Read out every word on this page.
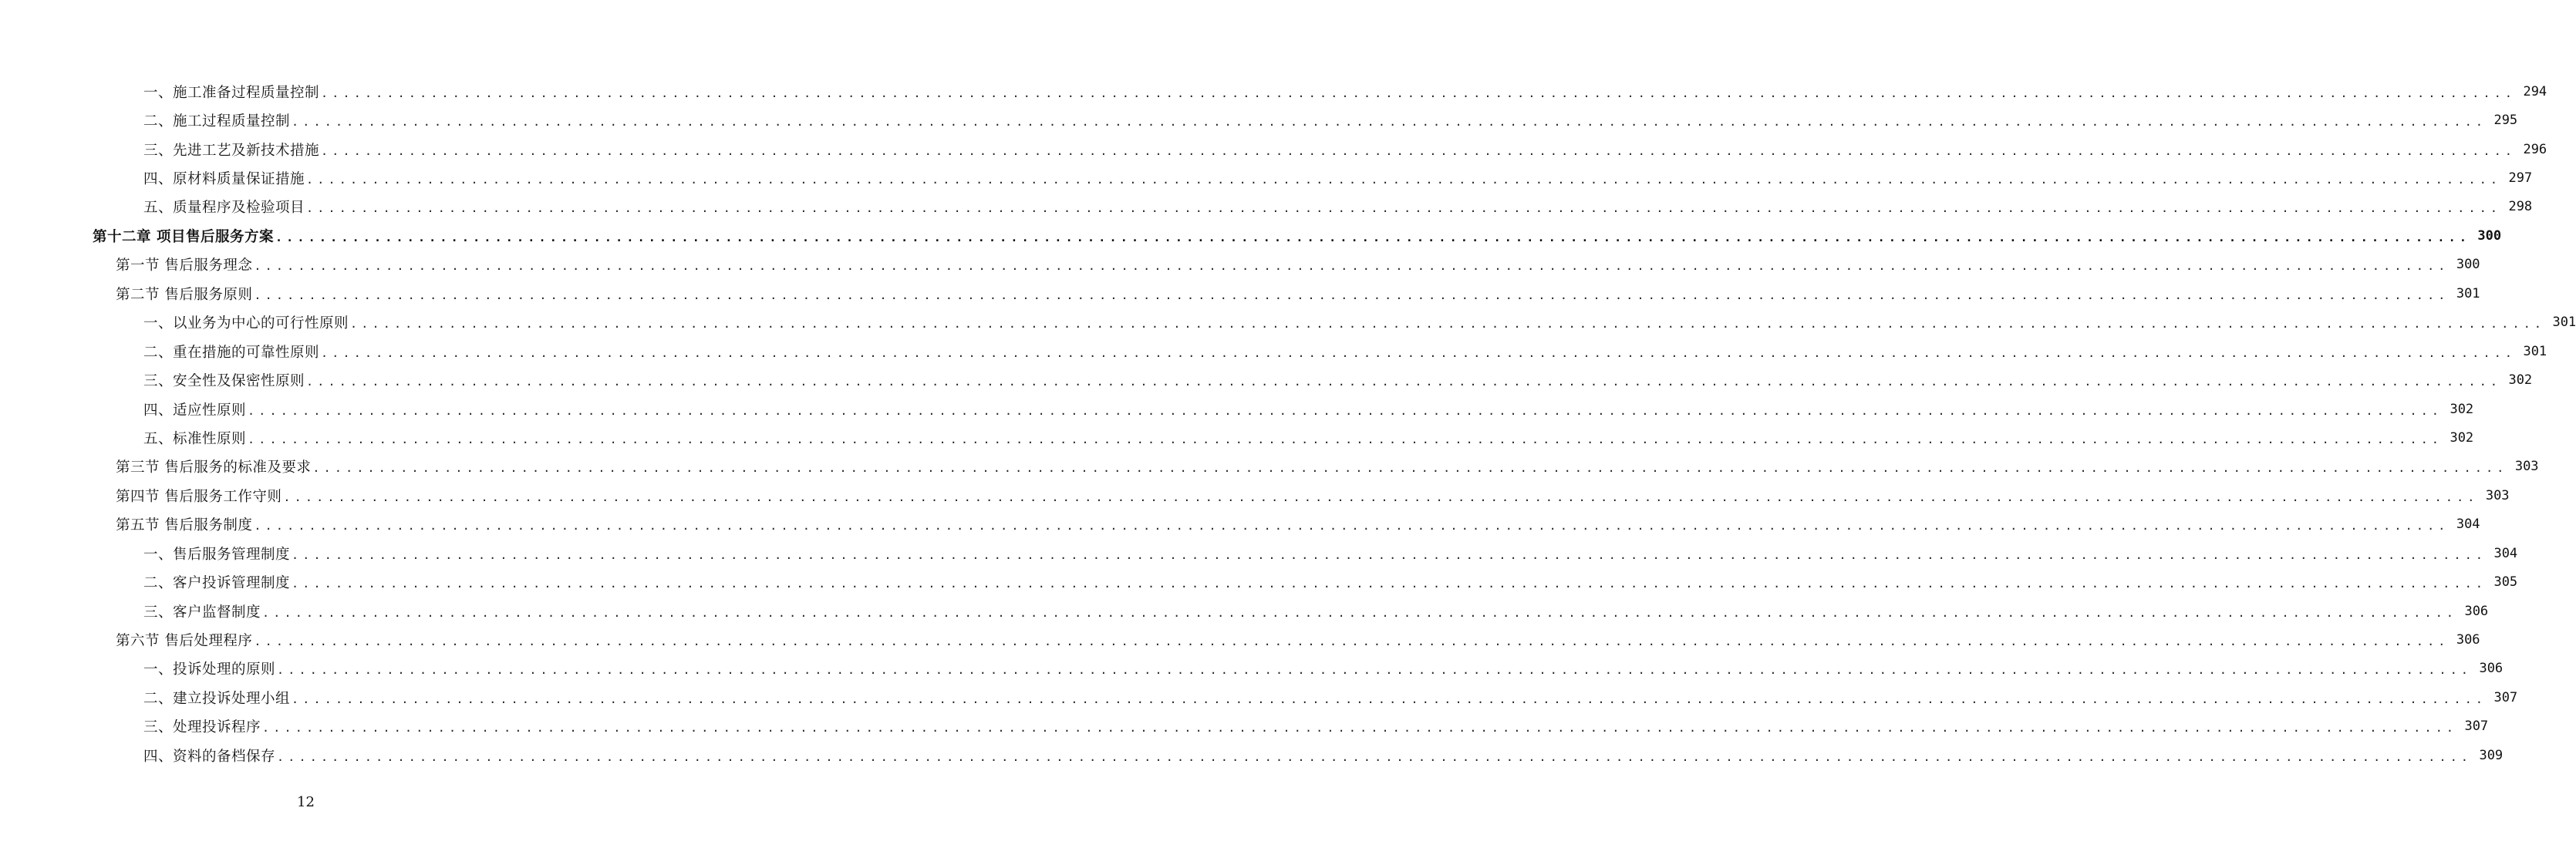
一、施工准备过程质量控制 ........................................................................................................................................................................................................ 294
二、施工过程质量控制 ........................................................................................................................................................................................................ 295
三、先进工艺及新技术措施 ........................................................................................................................................................................................................ 296
四、原材料质量保证措施 ........................................................................................................................................................................................................ 297
五、质量程序及检验项目 ........................................................................................................................................................................................................ 298
第十二章 项目售后服务方案 ........................................................................................................................................................................................................ 300
第一节 售后服务理念 ........................................................................................................................................................................................................ 300
第二节 售后服务原则 ........................................................................................................................................................................................................ 301
一、以业务为中心的可行性原则 ........................................................................................................................................................................................................ 301
二、重在措施的可靠性原则 ........................................................................................................................................................................................................ 301
三、安全性及保密性原则 ........................................................................................................................................................................................................ 302
四、适应性原则 ........................................................................................................................................................................................................ 302
五、标准性原则 ........................................................................................................................................................................................................ 302
第三节 售后服务的标准及要求 ........................................................................................................................................................................................................ 303
第四节 售后服务工作守则 ........................................................................................................................................................................................................ 303
第五节 售后服务制度 ........................................................................................................................................................................................................ 304
一、售后服务管理制度 ........................................................................................................................................................................................................ 304
二、客户投诉管理制度 ........................................................................................................................................................................................................ 305
三、客户监督制度 ........................................................................................................................................................................................................ 306
第六节 售后处理程序 ........................................................................................................................................................................................................ 306
一、投诉处理的原则 ........................................................................................................................................................................................................ 306
二、建立投诉处理小组 ........................................................................................................................................................................................................ 307
三、处理投诉程序 ........................................................................................................................................................................................................ 307
四、资料的备档保存 ........................................................................................................................................................................................................ 309
12
